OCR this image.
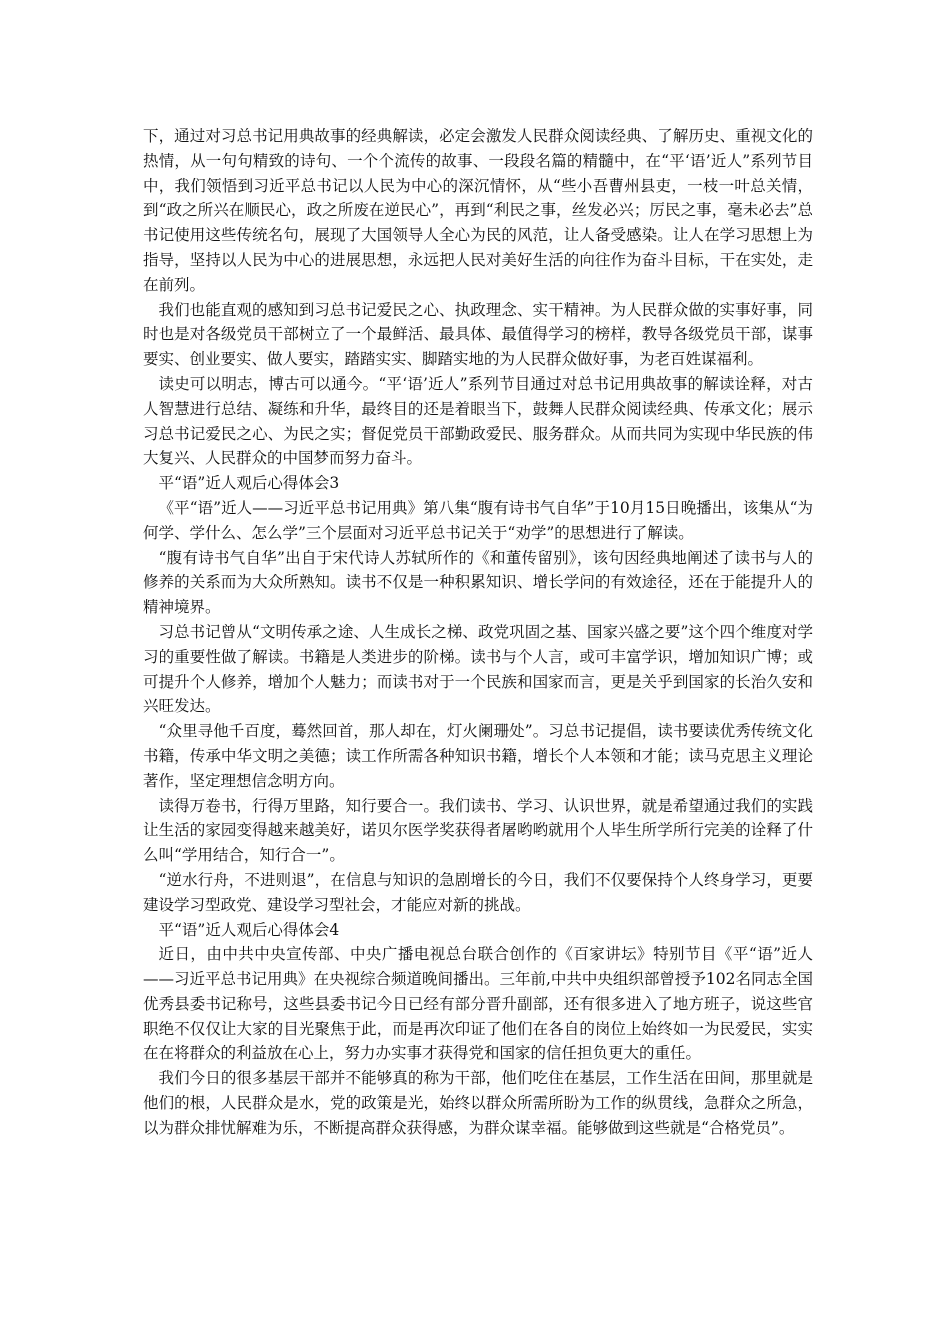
下，通过对习总书记用典故事的经典解读，必定会激发人民群众阅读经典、了解历史、重视文化的热情，从一句句精致的诗句、一个个流传的故事、一段段名篇的精髓中，在“平‘语’近人”系列节目中，我们领悟到习近平总书记以人民为中心的深沉情怀，从“些小吾曹州县吏，一枝一叶总关情，到“政之所兴在顺民心，政之所废在逆民心”，再到“利民之事，丝发必兴；厉民之事，毫未必去”总书记使用这些传统名句，展现了大国领导人全心为民的风范，让人备受感染。让人在学习思想上为指导，坚持以人民为中心的进展思想，永远把人民对美好生活的向往作为奋斗目标，干在实处，走在前列。

我们也能直观的感知到习总书记爱民之心、执政理念、实干精神。为人民群众做的实事好事，同时也是对各级党员干部树立了一个最鲜活、最具体、最值得学习的榜样，教导各级党员干部，谋事要实、创业要实、做人要实，踏踏实实、脚踏实地的为人民群众做好事，为老百姓谋福利。

读史可以明志，博古可以通今。“平‘语’近人”系列节目通过对总书记用典故事的解读诠释，对古人智慧进行总结、凝练和升华，最终目的还是着眼当下，鼓舞人民群众阅读经典、传承文化；展示习总书记爱民之心、为民之实；督促党员干部勤政爱民、服务群众。从而共同为实现中华民族的伟大复兴、人民群众的中国梦而努力奋斗。

平“语”近人观后心得体会3

《平“语”近人——习近平总书记用典》第八集“腹有诗书气自华”于10月15日晚播出，该集从“为何学、学什么、怎么学”三个层面对习近平总书记关于“劝学”的思想进行了解读。

“腹有诗书气自华”出自于宋代诗人苏轼所作的《和董传留别》，该句因经典地阐述了读书与人的修养的关系而为大众所熟知。读书不仅是一种积累知识、增长学问的有效途径，还在于能提升人的精神境界。

习总书记曾从“文明传承之途、人生成长之梯、政党巩固之基、国家兴盛之要”这个四个维度对学习的重要性做了解读。书籍是人类进步的阶梯。读书与个人言，或可丰富学识，增加知识广博；或可提升个人修养，增加个人魅力；而读书对于一个民族和国家而言，更是关乎到国家的长治久安和兴旺发达。

“众里寻他千百度，蓦然回首，那人却在，灯火阑珊处”。习总书记提倡，读书要读优秀传统文化书籍，传承中华文明之美德；读工作所需各种知识书籍，增长个人本领和才能；读马克思主义理论著作，坚定理想信念明方向。

读得万卷书，行得万里路，知行要合一。我们读书、学习、认识世界，就是希望通过我们的实践让生活的家园变得越来越美好，诺贝尔医学奖获得者屠哟哟就用个人毕生所学所行完美的诠释了什么叫“学用结合，知行合一”。

“逆水行舟，不进则退”，在信息与知识的急剧增长的今日，我们不仅要保持个人终身学习，更要建设学习型政党、建设学习型社会，才能应对新的挑战。

平“语”近人观后心得体会4

近日，由中共中央宣传部、中央广播电视总台联合创作的《百家讲坛》特别节目《平“语”近人——习近平总书记用典》在央视综合频道晚间播出。三年前,中共中央组织部曾授予102名同志全国优秀县委书记称号，这些县委书记今日已经有部分晋升副部，还有很多进入了地方班子，说这些官职绝不仅仅让大家的目光聚焦于此，而是再次印证了他们在各自的岗位上始终如一为民爱民，实实在在将群众的利益放在心上，努力办实事才获得党和国家的信任担负更大的重任。

我们今日的很多基层干部并不能够真的称为干部，他们吃住在基层，工作生活在田间，那里就是他们的根，人民群众是水，党的政策是光，始终以群众所需所盼为工作的纵贯线，急群众之所急，以为群众排忧解难为乐，不断提高群众获得感，为群众谋幸福。能够做到这些就是“合格党员”。
